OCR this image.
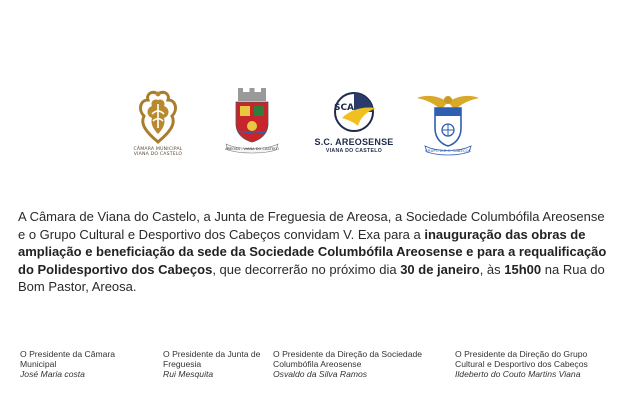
CÂMARA MUNICIPAL
VIANA DO CASTELO
AREOSA - VIANA DO CASTELO
SCA
S.C. AREOSENSE
VIANA DO CASTELO	GRUPO D.E.C. CABEÇOS
A Câmara de Viana do Castelo, a Junta de Freguesia de Areosa, a Sociedade Columbófila Areosense e o Grupo Cultural e Desportivo dos Cabeços convidam V. Exa para a inauguração das obras de ampliação e beneficiação da sede da Sociedade Columbófila Areosense e para a requalificação do Polidesportivo dos Cabeços, que decorrerão no próximo dia 30 de janeiro, às 15h00 na Rua do Bom Pastor, Areosa.
O Presidente da Câmara Municipal
José Maria costa
O Presidente da Junta de Freguesia
Rui Mesquita
O Presidente da Direção da Sociedade Columbófila Areosense
Osvaldo da Silva Ramos
O Presidente da Direção do Grupo Cultural e Desportivo dos Cabeços
Ildeberto do Couto Martins Viana
